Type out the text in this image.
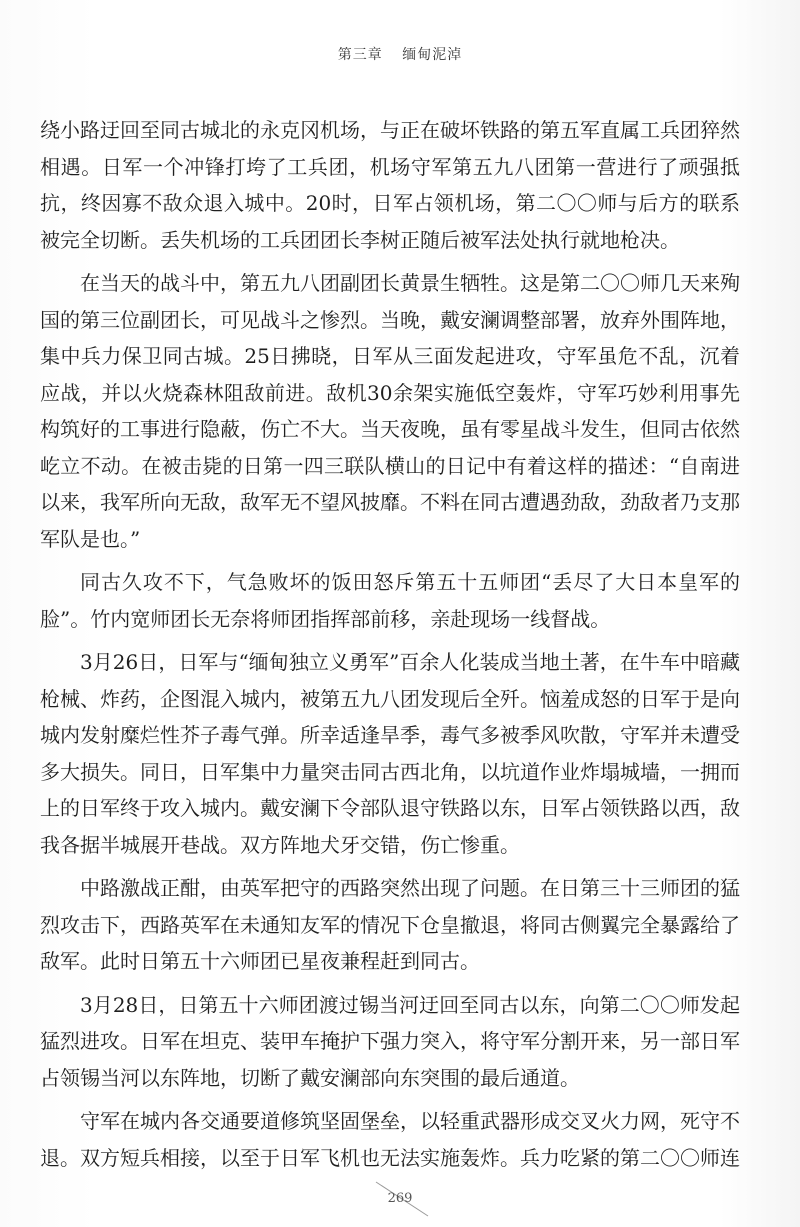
第三章 缅甸泥淖

绕小路迂回至同古城北的永克冈机场，与正在破坏铁路的第五军直属工兵团猝然相遇。日军一个冲锋打垮了工兵团，机场守军第五九八团第一营进行了顽强抵抗，终因寡不敌众退入城中。20时，日军占领机场，第二〇〇师与后方的联系被完全切断。丢失机场的工兵团团长李树正随后被军法处执行就地枪决。

在当天的战斗中，第五九八团副团长黄景生牺牲。这是第二〇〇师几天来殉国的第三位副团长，可见战斗之惨烈。当晚，戴安澜调整部署，放弃外围阵地，集中兵力保卫同古城。25日拂晓，日军从三面发起进攻，守军虽危不乱，沉着应战，并以火烧森林阻敌前进。敌机30余架实施低空轰炸，守军巧妙利用事先构筑好的工事进行隐蔽，伤亡不大。当天夜晚，虽有零星战斗发生，但同古依然屹立不动。在被击毙的日第一四三联队横山的日记中有着这样的描述：“自南进以来，我军所向无敌，敌军无不望风披靡。不料在同古遭遇劲敌，劲敌者乃支那军队是也。”

同古久攻不下，气急败坏的饭田怒斥第五十五师团“丢尽了大日本皇军的脸”。竹内宽师团长无奈将师团指挥部前移，亲赴现场一线督战。

3月26日，日军与“缅甸独立义勇军”百余人化装成当地土著，在牛车中暗藏枪械、炸药，企图混入城内，被第五九八团发现后全歼。恼羞成怒的日军于是向城内发射糜烂性芥子毒气弹。所幸适逢旱季，毒气多被季风吹散，守军并未遭受多大损失。同日，日军集中力量突击同古西北角，以坑道作业炸塌城墙，一拥而上的日军终于攻入城内。戴安澜下令部队退守铁路以东，日军占领铁路以西，敌我各据半城展开巷战。双方阵地犬牙交错，伤亡惨重。

中路激战正酣，由英军把守的西路突然出现了问题。在日第三十三师团的猛烈攻击下，西路英军在未通知友军的情况下仓皇撤退，将同古侧翼完全暴露给了敌军。此时日第五十六师团已星夜兼程赶到同古。

3月28日，日第五十六师团渡过锡当河迂回至同古以东，向第二〇〇师发起猛烈进攻。日军在坦克、装甲车掩护下强力突入，将守军分割开来，另一部日军占领锡当河以东阵地，切断了戴安澜部向东突围的最后通道。

守军在城内各交通要道修筑坚固堡垒，以轻重武器形成交叉火力网，死守不退。双方短兵相接，以至于日军飞机也无法实施轰炸。兵力吃紧的第二〇〇师连

269
